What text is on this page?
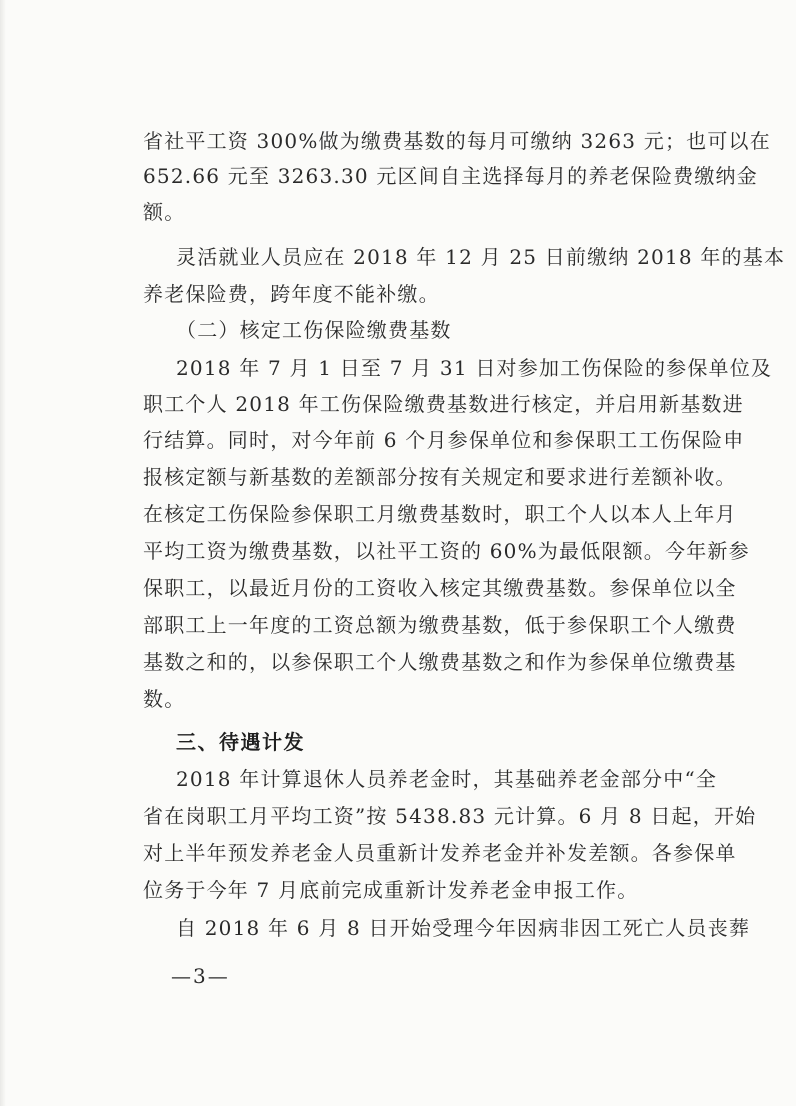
省社平工资 300%做为缴费基数的每月可缴纳 3263 元；也可以在
652.66 元至 3263.30 元区间自主选择每月的养老保险费缴纳金
额。
灵活就业人员应在 2018 年 12 月 25 日前缴纳 2018 年的基本
养老保险费，跨年度不能补缴。
（二）核定工伤保险缴费基数
2018 年 7 月 1 日至 7 月 31 日对参加工伤保险的参保单位及
职工个人 2018 年工伤保险缴费基数进行核定，并启用新基数进
行结算。同时，对今年前 6 个月参保单位和参保职工工伤保险申
报核定额与新基数的差额部分按有关规定和要求进行差额补收。
在核定工伤保险参保职工月缴费基数时，职工个人以本人上年月
平均工资为缴费基数，以社平工资的 60%为最低限额。今年新参
保职工，以最近月份的工资收入核定其缴费基数。参保单位以全
部职工上一年度的工资总额为缴费基数，低于参保职工个人缴费
基数之和的，以参保职工个人缴费基数之和作为参保单位缴费基
数。
三、待遇计发
2018 年计算退休人员养老金时，其基础养老金部分中“全
省在岗职工月平均工资”按 5438.83 元计算。6 月 8 日起，开始
对上半年预发养老金人员重新计发养老金并补发差额。各参保单
位务于今年 7 月底前完成重新计发养老金申报工作。
自 2018 年 6 月 8 日开始受理今年因病非因工死亡人员丧葬
—3—
